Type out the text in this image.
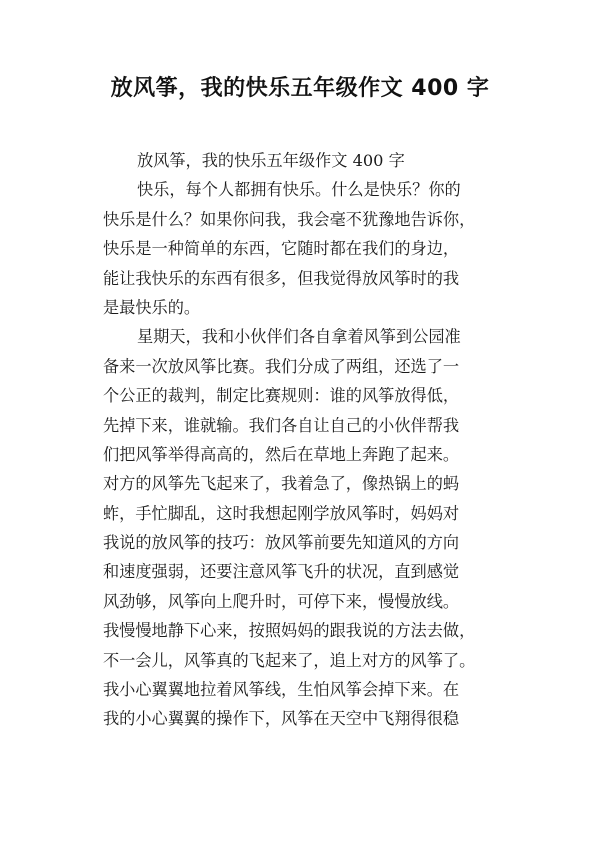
放风筝，我的快乐五年级作文 400 字
放风筝，我的快乐五年级作文 400 字
快乐，每个人都拥有快乐。什么是快乐？你的
快乐是什么？如果你问我，我会毫不犹豫地告诉你，
快乐是一种简单的东西，它随时都在我们的身边，
能让我快乐的东西有很多，但我觉得放风筝时的我
是最快乐的。
星期天，我和小伙伴们各自拿着风筝到公园准
备来一次放风筝比赛。我们分成了两组，还选了一
个公正的裁判，制定比赛规则：谁的风筝放得低，
先掉下来，谁就输。我们各自让自己的小伙伴帮我
们把风筝举得高高的，然后在草地上奔跑了起来。
对方的风筝先飞起来了，我着急了，像热锅上的蚂
蚱，手忙脚乱，这时我想起刚学放风筝时，妈妈对
我说的放风筝的技巧：放风筝前要先知道风的方向
和速度强弱，还要注意风筝飞升的状况，直到感觉
风劲够，风筝向上爬升时，可停下来，慢慢放线。
我慢慢地静下心来，按照妈妈的跟我说的方法去做，
不一会儿，风筝真的飞起来了，追上对方的风筝了。
我小心翼翼地拉着风筝线，生怕风筝会掉下来。在
我的小心翼翼的操作下，风筝在天空中飞翔得很稳
